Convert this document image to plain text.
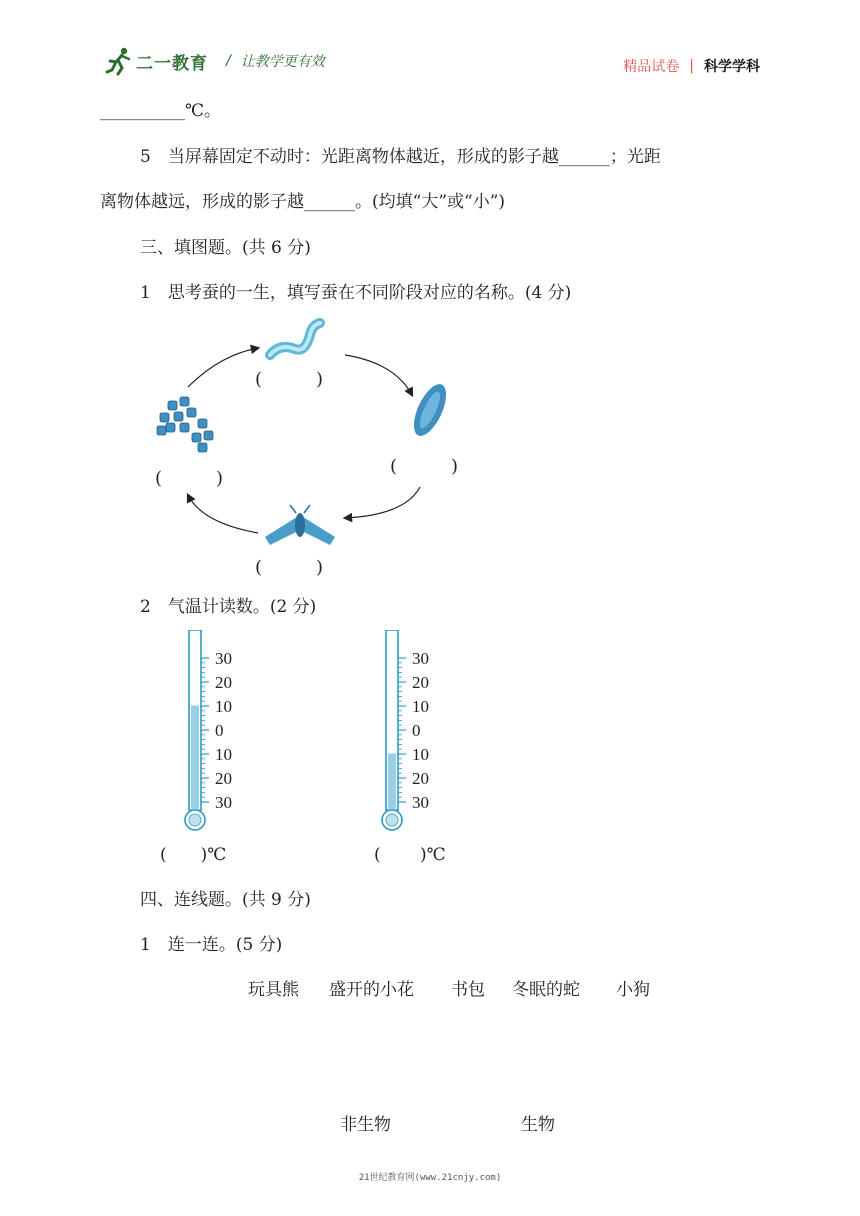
二一教育 / 让教学更有效	精品试卷 | 科学学科
__________℃。
5　当屏幕固定不动时：光距离物体越近，形成的影子越______；光距
离物体越远，形成的影子越______。(均填“大”或“小”)
三、填图题。(共 6 分)
1　思考蚕的一生，填写蚕在不同阶段对应的名称。(4 分)
(　　　)
(　　　)
(　　　)
(　　　)
2　气温计读数。(2 分)
30
20
10
0
10
20
30
30
20
10
0
10
20
30
(　　)℃	(　　 )℃
四、连线题。(共 9 分)
1　连一连。(5 分)
玩具熊 盛开的小花 书包 冬眠的蛇 小狗
非生物	生物
21世纪教育网(www.21cnjy.com)
